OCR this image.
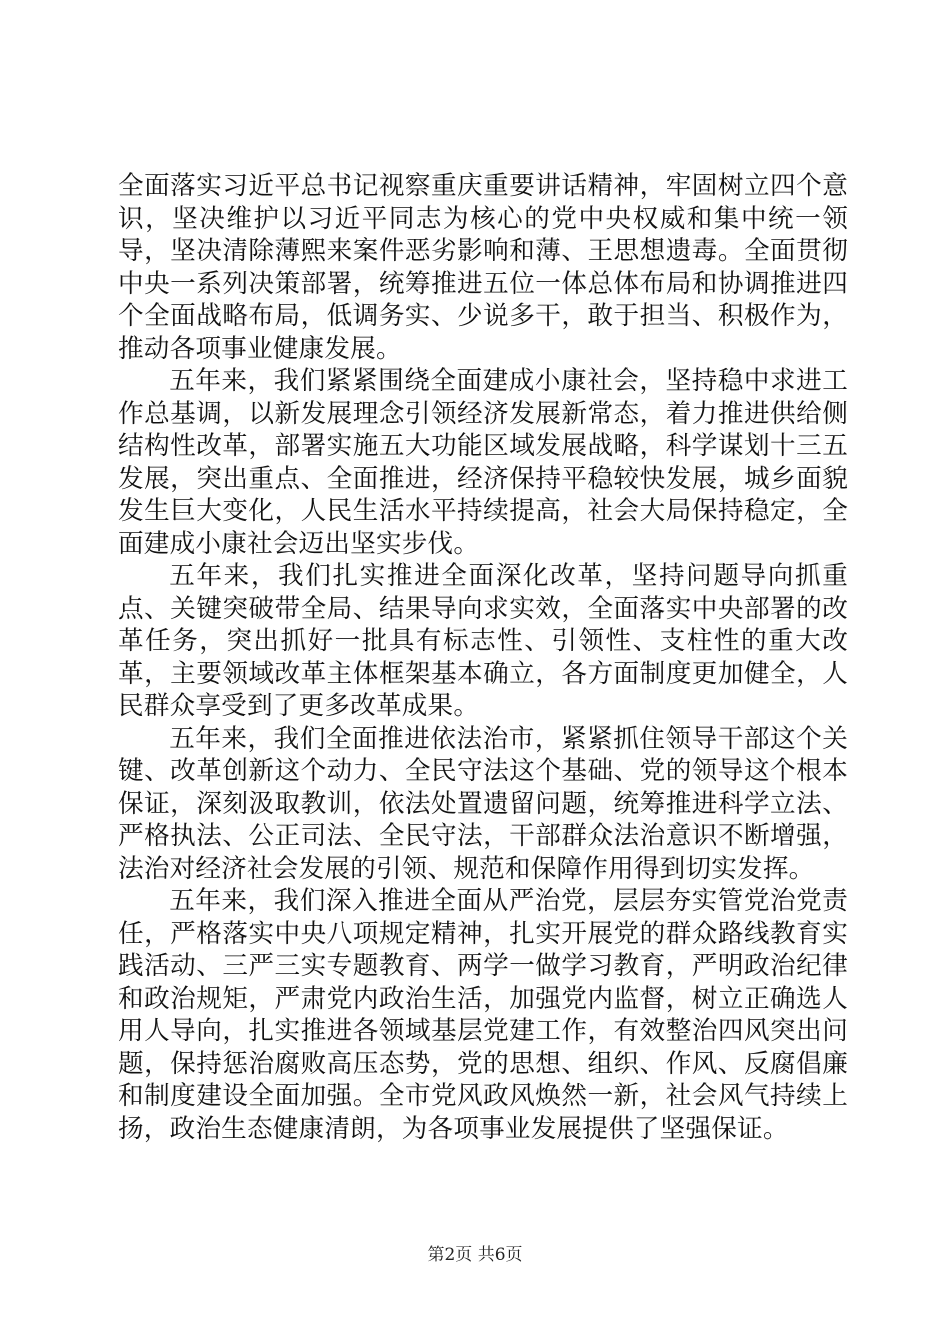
全面落实习近平总书记视察重庆重要讲话精神，牢固树立四个意识，坚决维护以习近平同志为核心的党中央权威和集中统一领导，坚决清除薄熙来案件恶劣影响和薄、王思想遗毒。全面贯彻中央一系列决策部署，统筹推进五位一体总体布局和协调推进四个全面战略布局，低调务实、少说多干，敢于担当、积极作为，推动各项事业健康发展。

五年来，我们紧紧围绕全面建成小康社会，坚持稳中求进工作总基调，以新发展理念引领经济发展新常态，着力推进供给侧结构性改革，部署实施五大功能区域发展战略，科学谋划十三五发展，突出重点、全面推进，经济保持平稳较快发展，城乡面貌发生巨大变化，人民生活水平持续提高，社会大局保持稳定，全面建成小康社会迈出坚实步伐。

五年来，我们扎实推进全面深化改革，坚持问题导向抓重点、关键突破带全局、结果导向求实效，全面落实中央部署的改革任务，突出抓好一批具有标志性、引领性、支柱性的重大改革，主要领域改革主体框架基本确立，各方面制度更加健全，人民群众享受到了更多改革成果。

五年来，我们全面推进依法治市，紧紧抓住领导干部这个关键、改革创新这个动力、全民守法这个基础、党的领导这个根本保证，深刻汲取教训，依法处置遗留问题，统筹推进科学立法、严格执法、公正司法、全民守法，干部群众法治意识不断增强，法治对经济社会发展的引领、规范和保障作用得到切实发挥。

五年来，我们深入推进全面从严治党，层层夯实管党治党责任，严格落实中央八项规定精神，扎实开展党的群众路线教育实践活动、三严三实专题教育、两学一做学习教育，严明政治纪律和政治规矩，严肃党内政治生活，加强党内监督，树立正确选人用人导向，扎实推进各领域基层党建工作，有效整治四风突出问题，保持惩治腐败高压态势，党的思想、组织、作风、反腐倡廉和制度建设全面加强。全市党风政风焕然一新，社会风气持续上扬，政治生态健康清朗，为各项事业发展提供了坚强保证。

第2页 共6页
